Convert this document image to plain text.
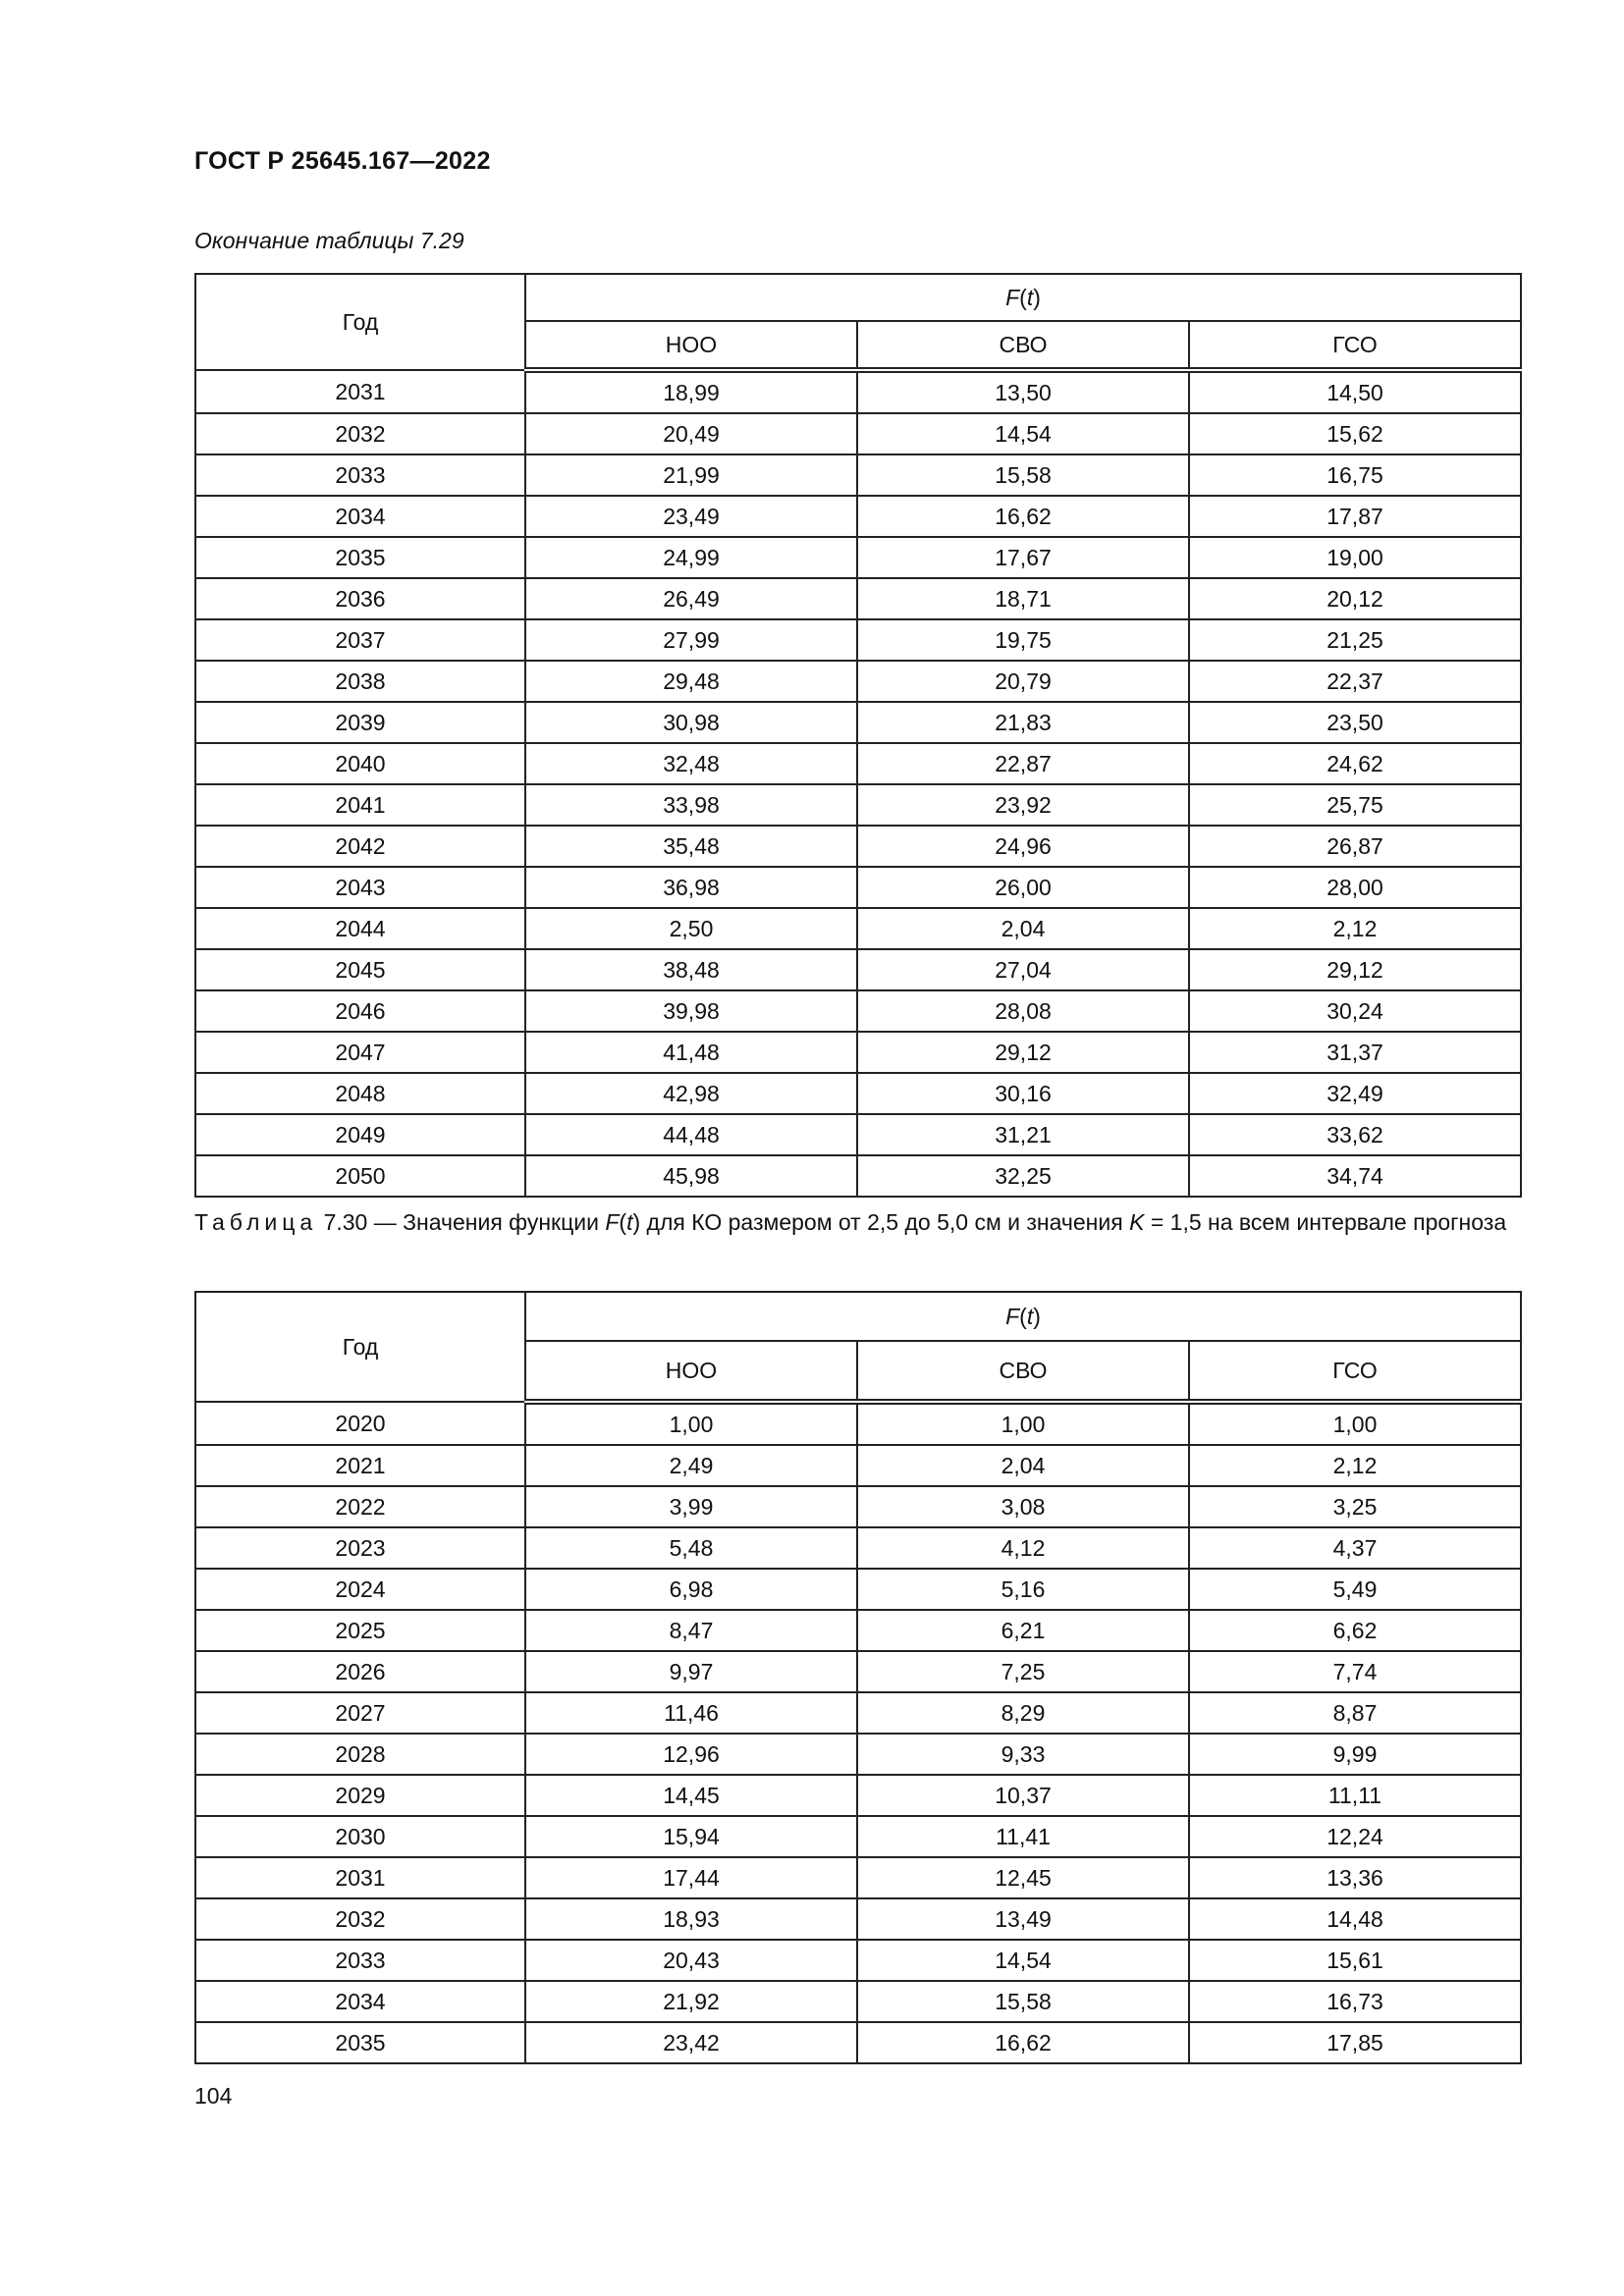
ГОСТ Р 25645.167—2022
Окончание таблицы 7.29
Год	F(t)		
	НОО	СВО	ГСО
2031	18,99	13,50	14,50
2032	20,49	14,54	15,62
2033	21,99	15,58	16,75
2034	23,49	16,62	17,87
2035	24,99	17,67	19,00
2036	26,49	18,71	20,12
2037	27,99	19,75	21,25
2038	29,48	20,79	22,37
2039	30,98	21,83	23,50
2040	32,48	22,87	24,62
2041	33,98	23,92	25,75
2042	35,48	24,96	26,87
2043	36,98	26,00	28,00
2044	2,50	2,04	2,12
2045	38,48	27,04	29,12
2046	39,98	28,08	30,24
2047	41,48	29,12	31,37
2048	42,98	30,16	32,49
2049	44,48	31,21	33,62
2050	45,98	32,25	34,74
Таблица 7.30 — Значения функции F(t) для КО размером от 2,5 до 5,0 см и значения K = 1,5 на всем интервале прогноза
Год	F(t)		
	НОО	СВО	ГСО
2020	1,00	1,00	1,00
2021	2,49	2,04	2,12
2022	3,99	3,08	3,25
2023	5,48	4,12	4,37
2024	6,98	5,16	5,49
2025	8,47	6,21	6,62
2026	9,97	7,25	7,74
2027	11,46	8,29	8,87
2028	12,96	9,33	9,99
2029	14,45	10,37	11,11
2030	15,94	11,41	12,24
2031	17,44	12,45	13,36
2032	18,93	13,49	14,48
2033	20,43	14,54	15,61
2034	21,92	15,58	16,73
2035	23,42	16,62	17,85
104
